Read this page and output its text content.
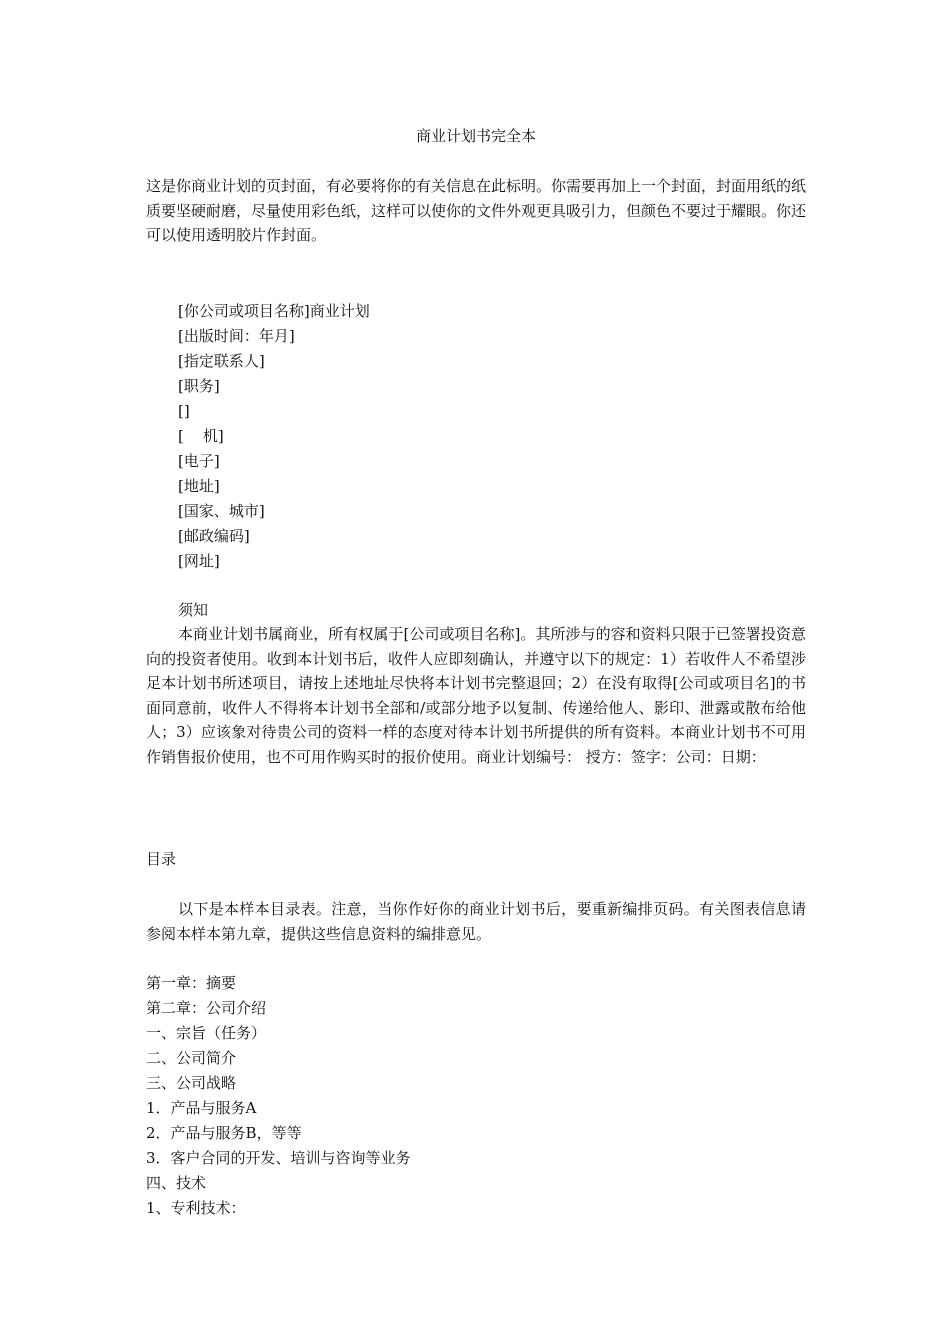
商业计划书完全本
这是你商业计划的页封面，有必要将你的有关信息在此标明。你需要再加上一个封面，封面用纸的纸质要坚硬耐磨，尽量使用彩色纸，这样可以使你的文件外观更具吸引力，但颜色不要过于耀眼。你还可以使用透明胶片作封面。
[你公司或项目名称]商业计划
[出版时间：年月]
[指定联系人]
[职务]
[]
[    机]
[电子]
[地址]
[国家、城市]
[邮政编码]
[网址]
须知
本商业计划书属商业，所有权属于[公司或项目名称]。其所涉与的容和资料只限于已签署投资意向的投资者使用。收到本计划书后，收件人应即刻确认，并遵守以下的规定：1）若收件人不希望涉足本计划书所述项目，请按上述地址尽快将本计划书完整退回；2）在没有取得[公司或项目名]的书面同意前，收件人不得将本计划书全部和/或部分地予以复制、传递给他人、影印、泄露或散布给他人；3）应该象对待贵公司的资料一样的态度对待本计划书所提供的所有资料。本商业计划书不可用作销售报价使用，也不可用作购买时的报价使用。商业计划编号： 授方：签字：公司：日期：
目录
以下是本样本目录表。注意，当你作好你的商业计划书后，要重新编排页码。有关图表信息请参阅本样本第九章，提供这些信息资料的编排意见。
第一章：摘要
第二章：公司介绍
一、宗旨（任务）
二、公司简介
三、公司战略
1．产品与服务A
2．产品与服务B，等等
3．客户合同的开发、培训与咨询等业务
四、技术
1、专利技术：
